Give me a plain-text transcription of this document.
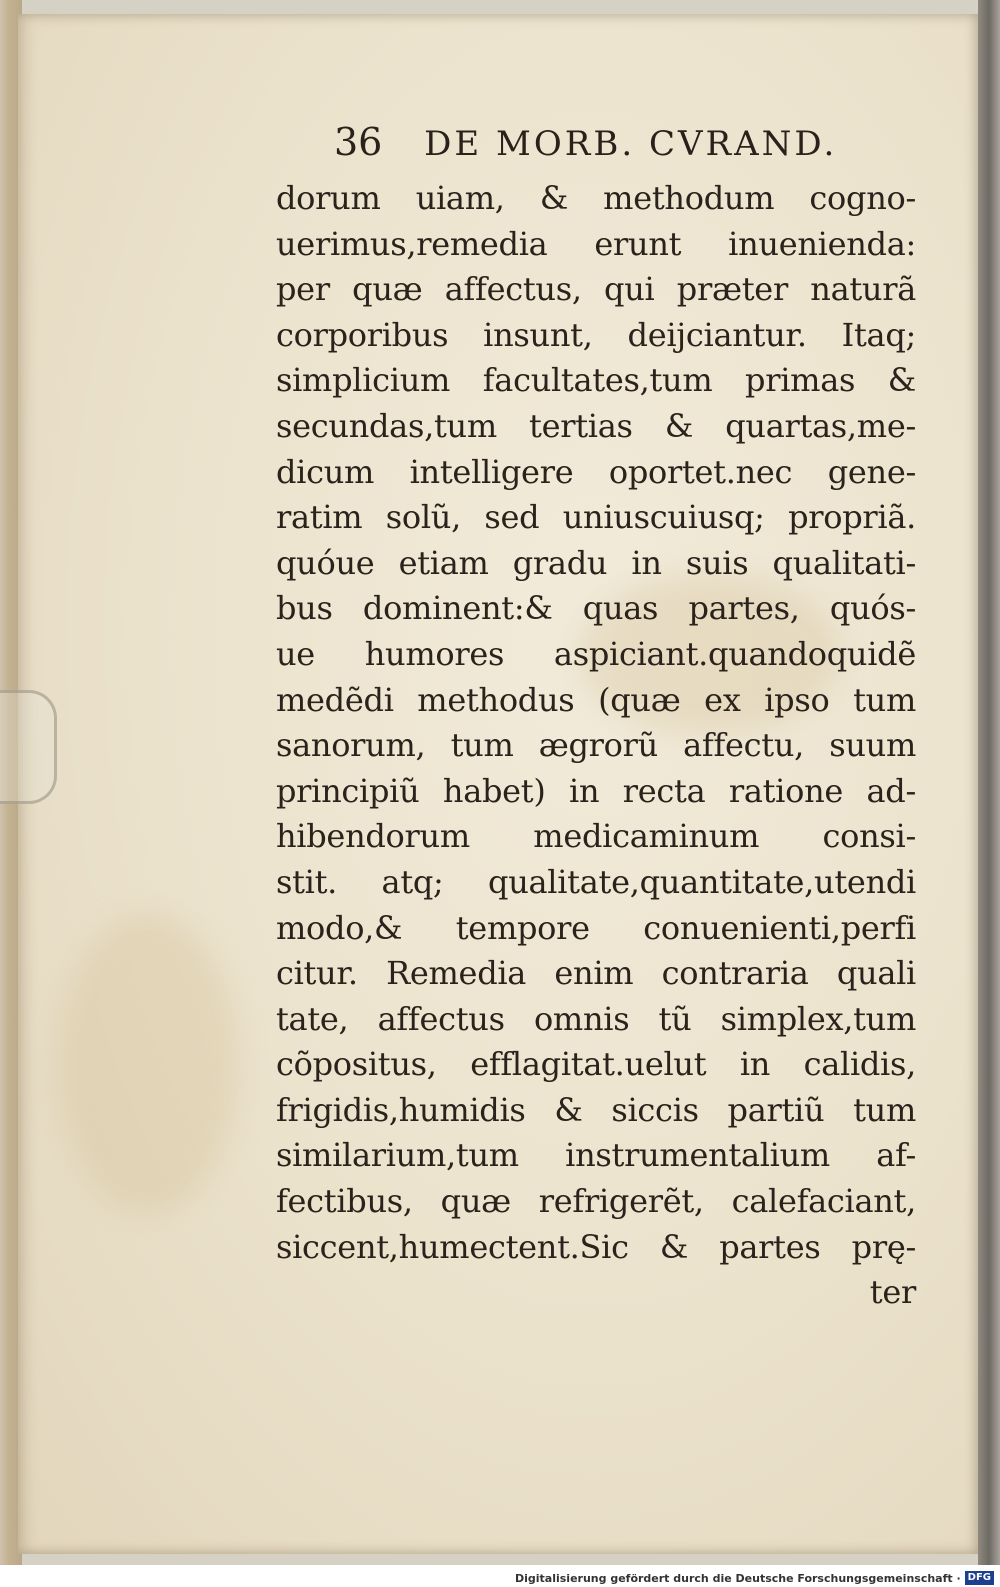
36 DE MORB. CVRAND.
dorum uiam, & methodum cogno-
uerimus,remedia erunt inuenienda:
per quæ affectus, qui præter naturã
corporibus insunt, deijciantur. Itaq;
simplicium facultates,tum primas &
secundas,tum tertias & quartas,me-
dicum intelligere oportet.nec gene-
ratim solũ, sed uniuscuiusq; propriã.
quóue etiam gradu in suis qualitati-
bus dominent:& quas partes, quós-
ue humores aspiciant.quandoquidẽ
medẽdi methodus (quæ ex ipso tum
sanorum, tum ægrorũ affectu, suum
principiũ habet) in recta ratione ad-
hibendorum medicaminum consi-
stit. atq; qualitate,quantitate,utendi
modo,& tempore conuenienti,perfi
citur. Remedia enim contraria quali
tate, affectus omnis tũ simplex,tum
cõpositus, efflagitat.uelut in calidis,
frigidis,humidis & siccis partiũ tum
similarium,tum instrumentalium af-
fectibus, quæ refrigerẽt, calefaciant,
siccent,humectent.Sic & partes prę-
ter
Digitalisierung gefördert durch die Deutsche Forschungsgemeinschaft · DFG
